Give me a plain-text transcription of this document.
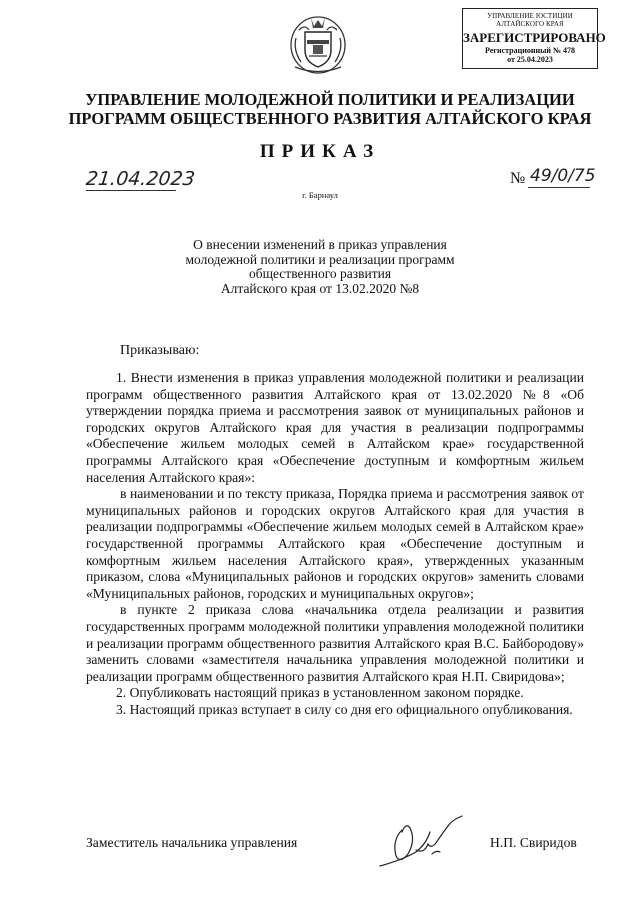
УПРАВЛЕНИЕ ЮСТИЦИИ АЛТАЙСКОГО КРАЯ
ЗАРЕГИСТРИРОВАНО
Регистрационный № 478
от 25.04.2023
УПРАВЛЕНИЕ МОЛОДЕЖНОЙ ПОЛИТИКИ И РЕАЛИЗАЦИИ
ПРОГРАММ ОБЩЕСТВЕННОГО РАЗВИТИЯ АЛТАЙСКОГО КРАЯ
ПРИКАЗ
21.04.2023	№ 49/0/75
г. Барнаул
О внесении изменений в приказ управления
молодежной политики и реализации программ
общественного развития
Алтайского края от 13.02.2020 №8
Приказываю:

1. Внести изменения в приказ управления молодежной политики и реализации программ общественного развития Алтайского края от 13.02.2020 №8 «Об утверждении порядка приема и рассмотрения заявок от муниципальных районов и городских округов Алтайского края для участия в реализации подпрограммы «Обеспечение жильем молодых семей в Алтайском крае» государственной программы Алтайского края «Обеспечение доступным и комфортным жильем населения Алтайского края»:

в наименовании и по тексту приказа, Порядка приема и рассмотрения заявок от муниципальных районов и городских округов Алтайского края для участия в реализации подпрограммы «Обеспечение жильем молодых семей в Алтайском крае» государственной программы Алтайского края «Обеспечение доступным и комфортным жильем населения Алтайского края», утвержденных указанным приказом, слова «Муниципальных районов и городских округов» заменить словами «Муниципальных районов, городских и муниципальных округов»;

в пункте 2 приказа слова «начальника отдела реализации и развития государственных программ молодежной политики управления молодежной политики и реализации программ общественного развития Алтайского края В.С. Байбородову» заменить словами «заместителя начальника управления молодежной политики и реализации программ общественного развития Алтайского края Н.П. Свиридова»;

2. Опубликовать настоящий приказ в установленном законом порядке.

3. Настоящий приказ вступает в силу со дня его официального опубликования.

Заместитель начальника управления	Н.П. Свиридов
